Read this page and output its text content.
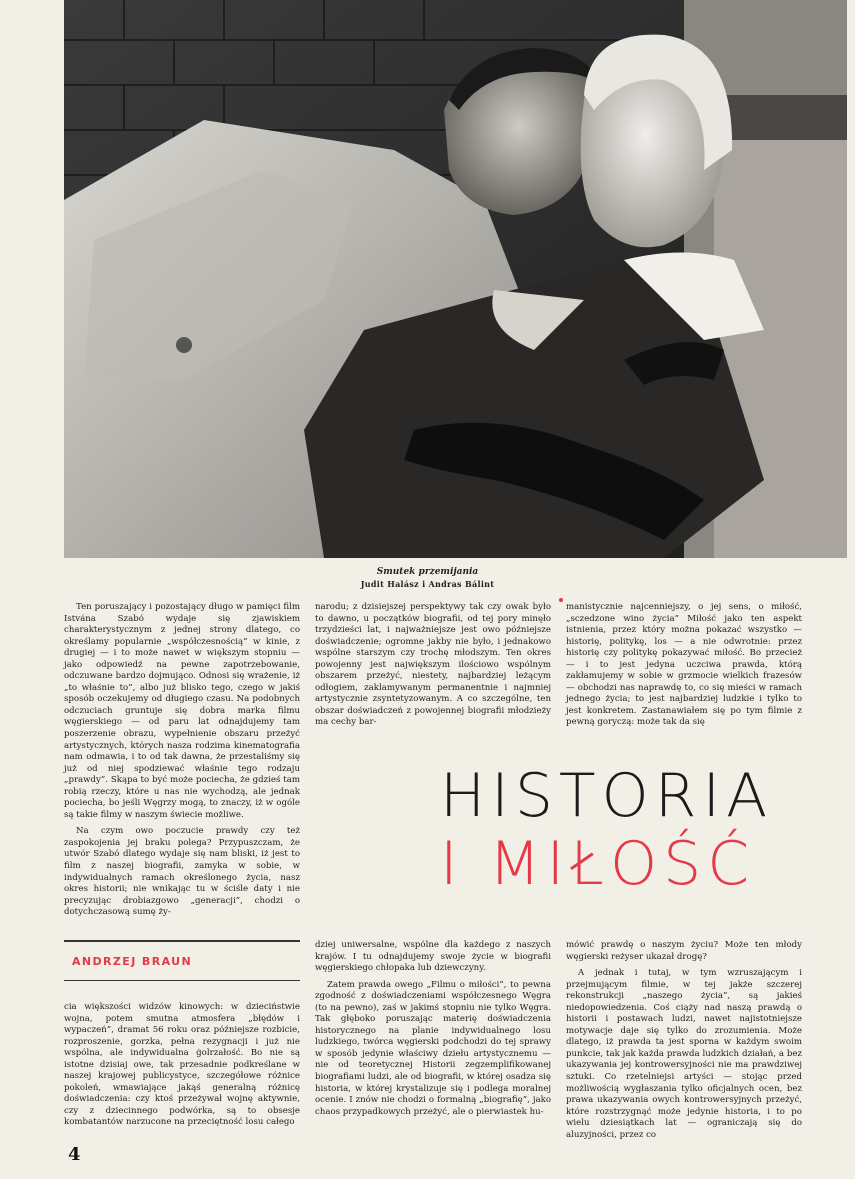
Smutek przemijania
Judit Halász i Andras Bálint

Ten poruszający i pozostający długo w pamięci film Istvána Szabó wydaje się zjawiskiem charakterystycznym z jednej strony dlatego, co określamy popularnie „współczesnością” w kinie, z drugiej — i to może nawet w większym stopniu — jako odpowiedź na pewne zapotrzebowanie, odczuwane bardzo dojmująco. Odnosi się wrażenie, iż „to właśnie to”, albo już blisko tego, czego w jakiś sposób oczekujemy od długiego czasu. Na podobnych odczuciach gruntuje się dobra marka filmu węgierskiego — od paru lat odnajdujemy tam poszerzenie obrazu, wypełnienie obszaru przeżyć artystycznych, których nasza rodzima kinematografia nam odmawia, i to od tak dawna, że przestaliśmy się już od niej spodziewać właśnie tego rodzaju „prawdy”. Skąpa to być może pociecha, że gdzieś tam robią rzeczy, które u nas nie wychodzą, ale jednak pociecha, bo jeśli Węgrzy mogą, to znaczy, iż w ogóle są takie filmy w naszym świecie możliwe.

Na czym owo poczucie prawdy czy też zaspokojenia jej braku polega? Przypuszczam, że utwór Szabó dlatego wydaje się nam bliski, iż jest to film z naszej biografii, zamyka w sobie, w indywidualnych ramach określonego życia, nasz okres historii; nie wnikając tu w ściśle daty i nie precyzując drobiazgowo „generacji”, chodzi o dotychczasową sumę ży-

narodu; z dzisiejszej perspektywy tak czy owak było to dawno, u początków biografii, od tej pory minęło trzydzieści lat, i najważniejsze jest owo późniejsze doświadczenie; ogromne jakby nie było, i jednakowo wspólne starszym czy trochę młodszym. Ten okres powojenny jest największym ilościowo wspólnym obszarem przeżyć, niestety, najbardziej leżącym odłogiem, zaklamywanym permanentnie i najmniej artystycznie zsyntetyzowanym. A co szczególne, ten obszar doświadczeń z powojennej biografii młodzieży ma cechy bar-

manistycznie najcenniejszy, o jej sens, o miłość, „sczedzone wino życia” Miłość jako ten aspekt istnienia, przez który można pokazać wszystko — historię, politykę, los — a nie odwrotnie: przez historię czy politykę pokazywać miłość. Bo przecież — i to jest jedyna uczciwa prawda, którą zakłamujemy w sobie w grzmocie wielkich frazesów — obchodzi nas naprawdę to, co się mieści w ramach jednego życia; to jest najbardziej ludzkie i tylko to jest konkretem. Zastanawiałem się po tym filmie z pewną goryczą: może tak da się

HISTORIA
I MIŁOŚĆ
ANDRZEJ BRAUN

cia większości widzów kinowych: w dzieciństwie wojna, potem smutna atmosfera „błędów i wypaczeń”, dramat 56 roku oraz późniejsze rozbicie, rozproszenie, gorzka, pełna rezygnacji i już nie wspólna, ale indywidualna ģolrzałość. Bo nie są istotne dzisiaj owe, tak przesadnie podkreślane w naszej krajowej publicystyce, szczegółowe różnice pokoleń, wmawiające jakąś generalną różnicę doświadczenia: czy ktoś przeżywał wojnę aktywnie, czy z dziecinnego podwórka, są to obsesje kombatantów narzucone na przeciętność losu całego

dziej uniwersalne, wspólne dla każdego z naszych krajów. I tu odnajdujemy swoje życie w biografii węgierskiego chłopaka lub dziewczyny.

Zatem prawda owego „Filmu o miłości”, to pewna zgodność z doświadczeniami współczesnego Węgra (to na pewno), zaś w jakimś stopniu nie tylko Węgra. Tak głęboko poruszając materię doświadczenia historycznego na planie indywidualnego losu ludzkiego, twórca węgierski podchodzi do tej sprawy w sposób jedynie właściwy dziełu artystycznemu — nie od teoretycznej Historii zegzemplifikowanej biografiami ludzi, ale od biografii, w której osadza się historia, w której krystalizuje się i podlega moralnej ocenie. I znów nie chodzi o formalną „biografię”, jako chaos przypadkowych przeżyć, ale o pierwiastek hu-

mówić prawdę o naszym życiu? Może ten młody węgierski reżyser ukazał drogę?

A jednak i tutaj, w tym wzruszającym i przejmującym filmie, w tej jakże szczerej rekonstrukcji „naszego życia”, są jakieś niedopowiedzenia. Coś ciąży nad naszą prawdą o historii i postawach ludzi, nawet najistotniejsze motywacje daje się tylko do zrozumienia. Może dlatego, iż prawda ta jest sporna w każdym swoim punkcie, tak jak każda prawda ludzkich działań, a bez ukazywania jej kontrowersyjności nie ma prawdziwej sztuki. Co rzetelniejsi artyści — stojąc przed możliwością wygłaszania tylko oficjalnych ocen, bez prawa ukazywania owych kontrowersyjnych przeżyć, które rozstrzygnąć może jedynie historia, i to po wielu dziesiątkach lat — ograniczają się do aluzyjności, przez co

4
